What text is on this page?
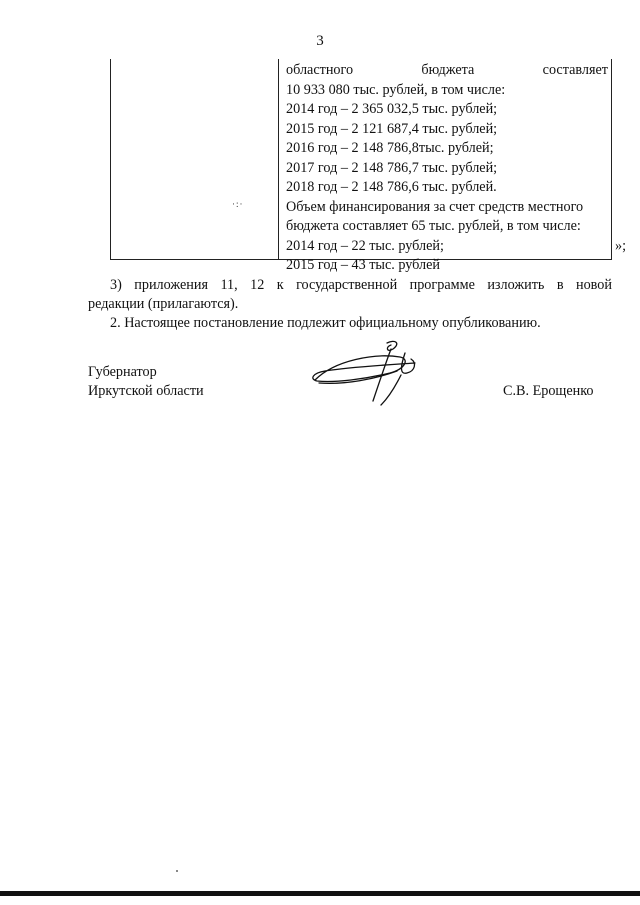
3
·:·
областного	бюджета	составляет
10 933 080 тыс. рублей, в том числе:
2014 год – 2 365 032,5 тыс. рублей;
2015 год – 2 121 687,4 тыс. рублей;
2016 год – 2 148 786,8тыс. рублей;
2017 год – 2 148 786,7 тыс. рублей;
2018 год – 2 148 786,6 тыс. рублей.
Объем финансирования за счет средств местного
бюджета составляет 65 тыс. рублей, в том числе:
2014 год – 22 тыс. рублей;
2015 год – 43 тыс. рублей
»;
3) приложения 11, 12 к государственной программе изложить в новой
редакции (прилагаются).
2. Настоящее постановление подлежит официальному опубликованию.
Губернатор
Иркутской области	С.В. Ерощенко
